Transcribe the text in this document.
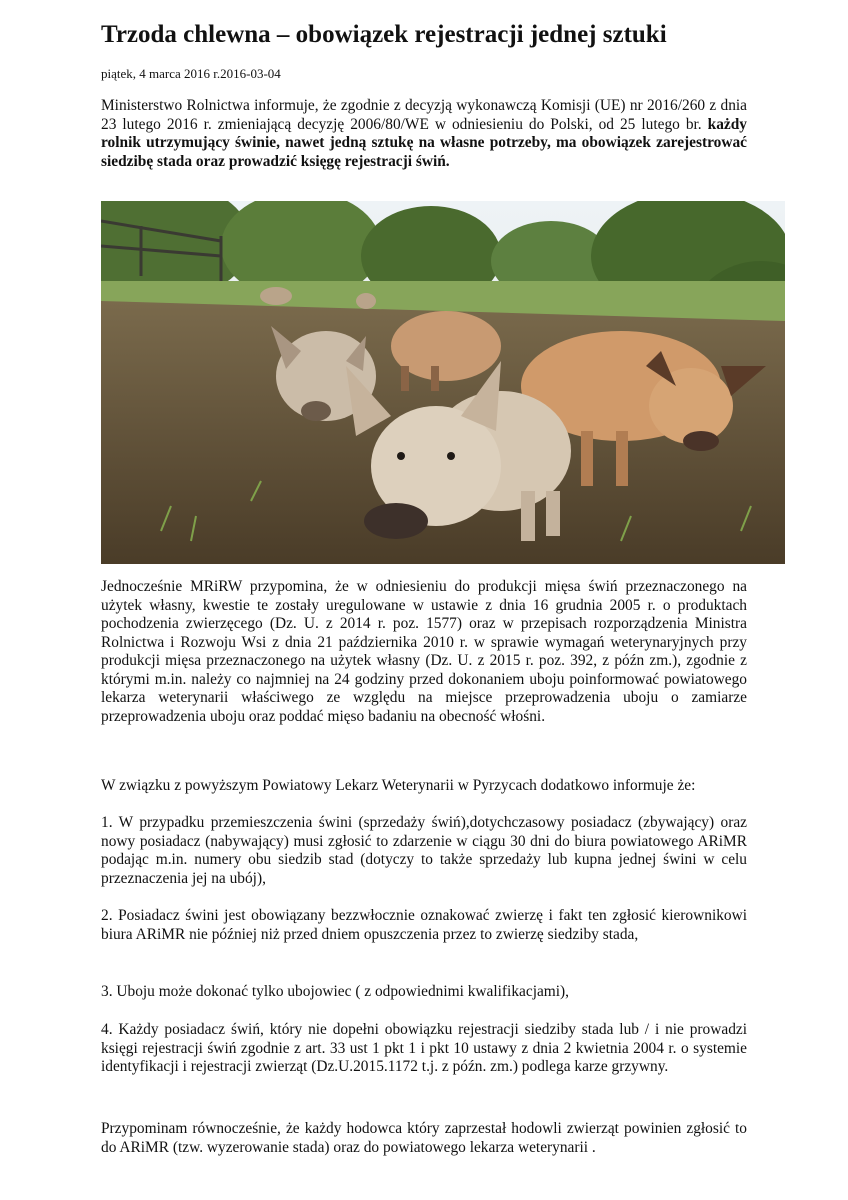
Trzoda chlewna – obowiązek rejestracji jednej sztuki
piątek, 4 marca 2016 r.2016-03-04

Ministerstwo Rolnictwa informuje, że zgodnie z decyzją wykonawczą Komisji (UE) nr 2016/260 z dnia 23 lutego 2016 r. zmieniającą decyzję 2006/80/WE w odniesieniu do Polski, od 25 lutego br. każdy rolnik utrzymujący świnie, nawet jedną sztukę na własne potrzeby, ma obowiązek zarejestrować siedzibę stada oraz prowadzić księgę rejestracji świń.

Jednocześnie MRiRW przypomina, że w odniesieniu do produkcji mięsa świń przeznaczonego na użytek własny, kwestie te zostały uregulowane w ustawie z dnia 16 grudnia 2005 r. o produktach pochodzenia zwierzęcego (Dz. U. z 2014 r. poz. 1577) oraz w przepisach rozporządzenia Ministra Rolnictwa i Rozwoju Wsi z dnia 21 października 2010 r. w sprawie wymagań weterynaryjnych przy produkcji mięsa przeznaczonego na użytek własny (Dz. U. z 2015 r. poz. 392, z późn zm.), zgodnie z którymi m.in. należy co najmniej na 24 godziny przed dokonaniem uboju poinformować powiatowego lekarza weterynarii właściwego ze względu na miejsce przeprowadzenia uboju o zamiarze przeprowadzenia uboju oraz poddać mięso badaniu na obecność włośni.

W związku z powyższym Powiatowy Lekarz Weterynarii w Pyrzycach dodatkowo informuje że:

1. W przypadku przemieszczenia świni (sprzedaży świń),dotychczasowy posiadacz (zbywający) oraz nowy posiadacz (nabywający) musi zgłosić to zdarzenie w ciągu 30 dni do biura powiatowego ARiMR podając m.in. numery obu siedzib stad (dotyczy to także sprzedaży lub kupna jednej świni w celu przeznaczenia jej na ubój),

2. Posiadacz świni jest obowiązany bezzwłocznie oznakować zwierzę i fakt ten zgłosić kierownikowi biura ARiMR nie później niż przed dniem opuszczenia przez to zwierzę siedziby stada,

3. Uboju może dokonać tylko ubojowiec ( z odpowiednimi kwalifikacjami),

4. Każdy posiadacz świń, który nie dopełni obowiązku rejestracji siedziby stada lub / i nie prowadzi księgi rejestracji świń zgodnie z art. 33 ust 1 pkt 1 i pkt 10 ustawy z dnia 2 kwietnia 2004 r. o systemie identyfikacji i rejestracji zwierząt (Dz.U.2015.1172 t.j. z późn. zm.) podlega karze grzywny.

Przypominam równocześnie, że każdy hodowca który zaprzestał hodowli zwierząt powinien zgłosić to do ARiMR (tzw. wyzerowanie stada) oraz do powiatowego lekarza weterynarii .
